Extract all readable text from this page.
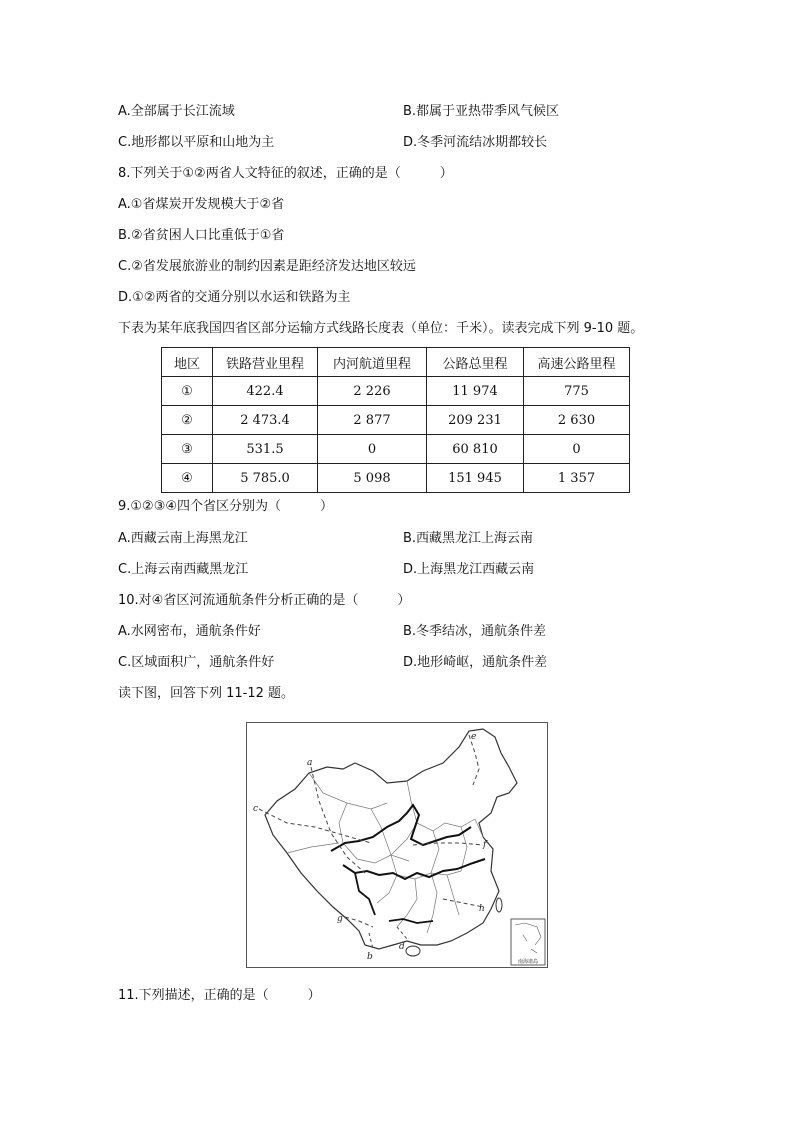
A.全部属于长江流域	B.都属于亚热带季风气候区
C.地形都以平原和山地为主	D.冬季河流结冰期都较长
8.下列关于①②两省人文特征的叙述，正确的是（　　　）
A.①省煤炭开发规模大于②省
B.②省贫困人口比重低于①省
C.②省发展旅游业的制约因素是距经济发达地区较远
D.①②两省的交通分别以水运和铁路为主
下表为某年底我国四省区部分运输方式线路长度表（单位：千米）。读表完成下列 9-10 题。
地区	铁路营业里程	内河航道里程	公路总里程	高速公路里程
①	422.4	2 226	11 974	775
②	2 473.4	2 877	209 231	2 630
③	531.5	0	60 810	0
④	5 785.0	5 098	151 945	1 357
9.①②③④四个省区分别为（　　　）
A.西藏云南上海黑龙江	B.西藏黑龙江上海云南
C.上海云南西藏黑龙江	D.上海黑龙江西藏云南
10.对④省区河流通航条件分析正确的是（　　　）
A.水网密布，通航条件好	B.冬季结冰，通航条件差
C.区域面积广，通航条件好	D.地形崎岖，通航条件差
读下图，回答下列 11-12 题。
a
b
c
d
e
f
g
h
南海诸岛
11.下列描述，正确的是（　　　）
